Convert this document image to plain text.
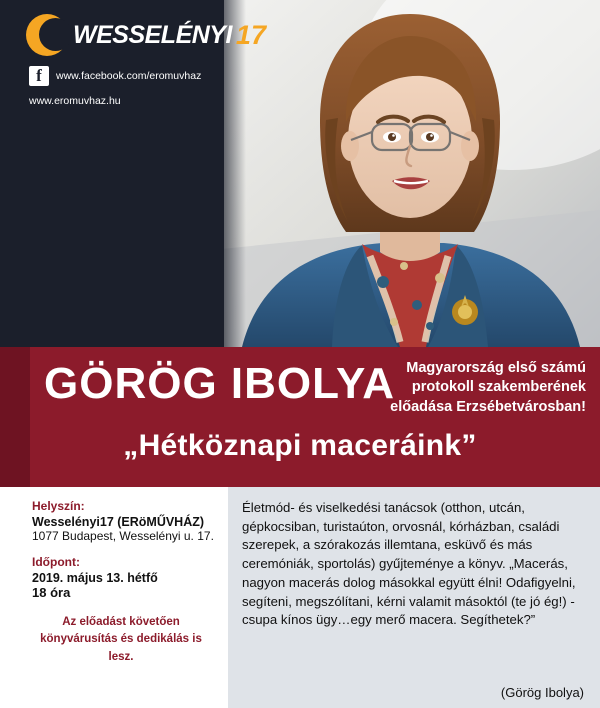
WESSELÉNYI 17
f	www.facebook.com/eromuvhaz
www.eromuvhaz.hu
GÖRÖG IBOLYA Magyarország első számú protokoll szakemberének előadása Erzsébetvárosban!
„Hétköznapi maceráink”
Helyszín:
Wesselényi17 (ERöMŰVHÁZ)
1077 Budapest, Wesselényi u. 17.
Időpont:
2019. május 13. hétfő
18 óra
Az előadást követően könyvárusítás és dedikálás is lesz.
Életmód- és viselkedési tanácsok (otthon, utcán, gépkocsiban, turistaúton, orvosnál, kórházban, családi szerepek, a szórakozás illemtana, esküvő és más ceremóniák, sportolás) gyűjteménye a könyv. „Macerás, nagyon macerás dolog másokkal együtt élni! Odafigyelni, segíteni, megszólítani, kérni valamit másoktól (te jó ég!) - csupa kínos ügy…egy merő macera. Segíthetek?”
(Görög Ibolya)
